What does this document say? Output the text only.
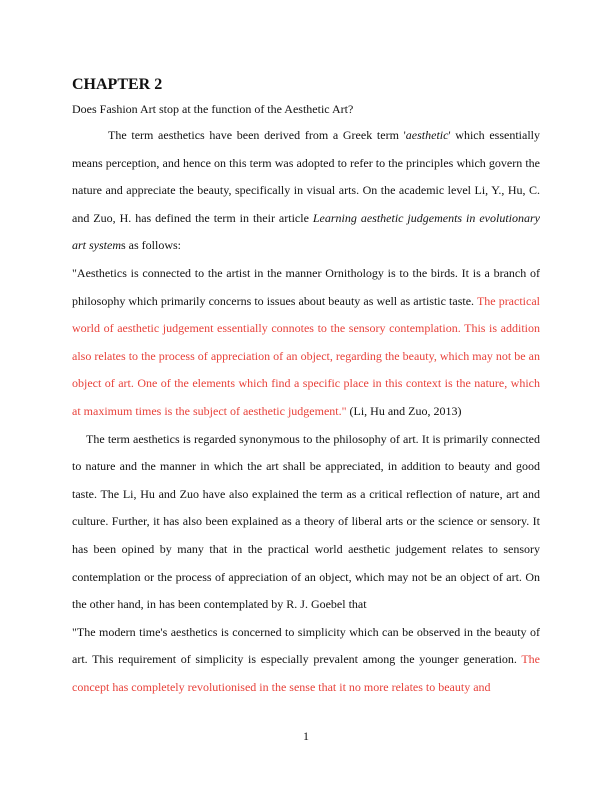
CHAPTER 2

Does Fashion Art stop at the function of the Aesthetic Art?

The term aesthetics have been derived from a Greek term 'aesthetic' which essentially means perception, and hence on this term was adopted to refer to the principles which govern the nature and appreciate the beauty, specifically in visual arts. On the academic level Li, Y., Hu, C. and Zuo, H. has defined the term in their article Learning aesthetic judgements in evolutionary art systems as follows:

"Aesthetics is connected to the artist in the manner Ornithology is to the birds. It is a branch of philosophy which primarily concerns to issues about beauty as well as artistic taste. The practical world of aesthetic judgement essentially connotes to the sensory contemplation. This is addition also relates to the process of appreciation of an object, regarding the beauty, which may not be an object of art. One of the elements which find a specific place in this context is the nature, which at maximum times is the subject of aesthetic judgement." (Li, Hu and Zuo, 2013)

The term aesthetics is regarded synonymous to the philosophy of art. It is primarily connected to nature and the manner in which the art shall be appreciated, in addition to beauty and good taste. The Li, Hu and Zuo have also explained the term as a critical reflection of nature, art and culture. Further, it has also been explained as a theory of liberal arts or the science or sensory. It has been opined by many that in the practical world aesthetic judgement relates to sensory contemplation or the process of appreciation of an object, which may not be an object of art. On the other hand, in has been contemplated by R. J. Goebel that

"The modern time's aesthetics is concerned to simplicity which can be observed in the beauty of art. This requirement of simplicity is especially prevalent among the younger generation. The concept has completely revolutionised in the sense that it no more relates to beauty and

1
